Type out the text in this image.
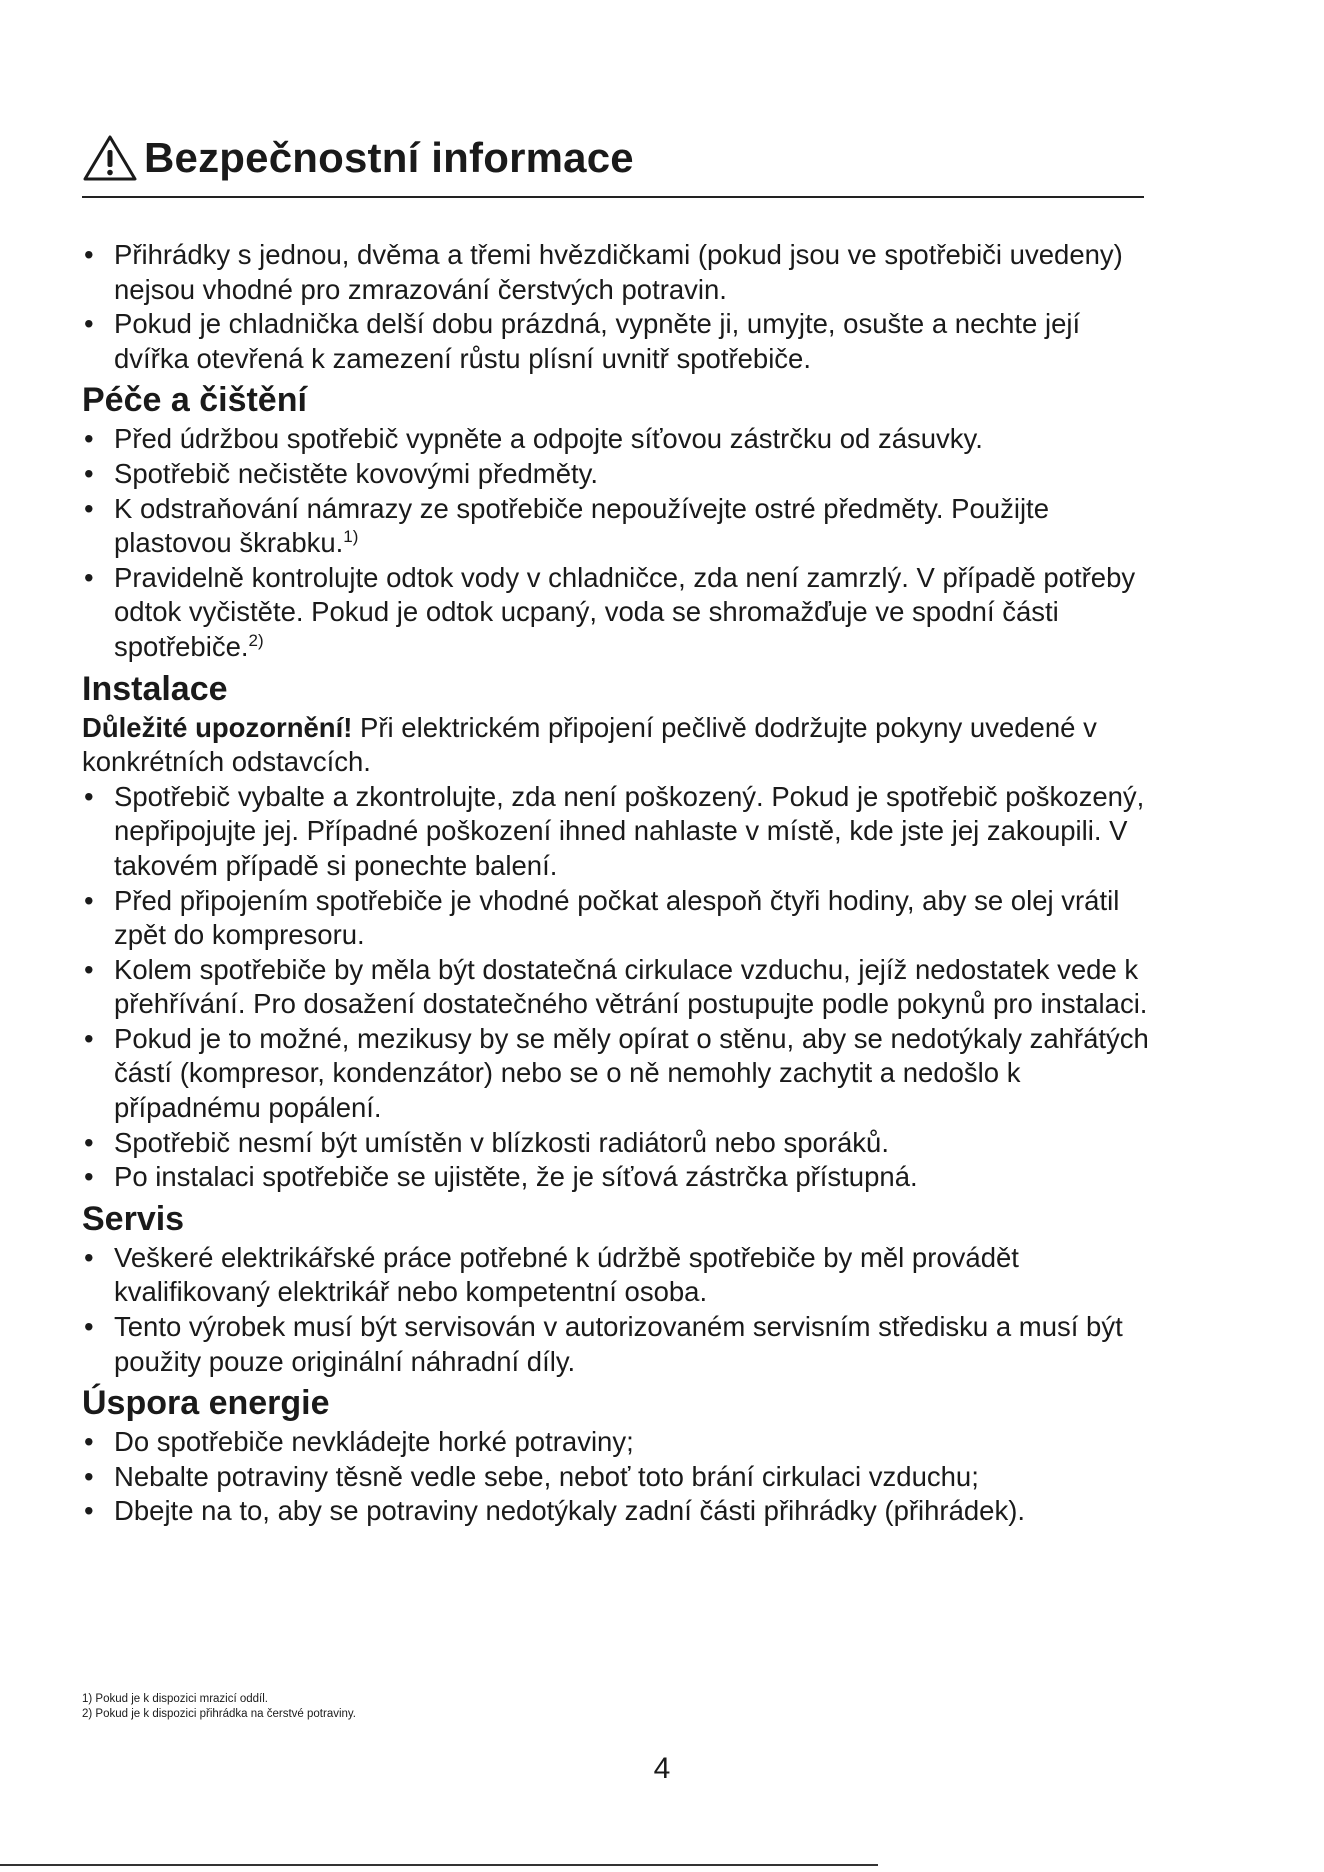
Bezpečnostní informace
• Přihrádky s jednou, dvěma a třemi hvězdičkami (pokud jsou ve spotřebiči uvedeny) nejsou vhodné pro zmrazování čerstvých potravin.
• Pokud je chladnička delší dobu prázdná, vypněte ji, umyjte, osušte a nechte její dvířka otevřená k zamezení růstu plísní uvnitř spotřebiče.
Péče a čištění
• Před údržbou spotřebič vypněte a odpojte síťovou zástrčku od zásuvky.
• Spotřebič nečistěte kovovými předměty.
• K odstraňování námrazy ze spotřebiče nepoužívejte ostré předměty. Použijte plastovou škrabku.$^{1)}$
• Pravidelně kontrolujte odtok vody v chladničce, zda není zamrzlý. V případě potřeby odtok vyčistěte. Pokud je odtok ucpaný, voda se shromažďuje ve spodní části spotřebiče.$^{2)}$
Instalace
Důležité upozornění! Při elektrickém připojení pečlivě dodržujte pokyny uvedené v konkrétních odstavcích.
• Spotřebič vybalte a zkontrolujte, zda není poškozený. Pokud je spotřebič poškozený, nepřipojujte jej. Případné poškození ihned nahlaste v místě, kde jste jej zakoupili. V takovém případě si ponechte balení.
• Před připojením spotřebiče je vhodné počkat alespoň čtyři hodiny, aby se olej vrátil zpět do kompresoru.
• Kolem spotřebiče by měla být dostatečná cirkulace vzduchu, jejíž nedostatek vede k přehřívání. Pro dosažení dostatečného větrání postupujte podle pokynů pro instalaci.
• Pokud je to možné, mezikusy by se měly opírat o stěnu, aby se nedotýkaly zahřátých částí (kompresor, kondenzátor) nebo se o ně nemohly zachytit a nedošlo k případnému popálení.
• Spotřebič nesmí být umístěn v blízkosti radiátorů nebo sporáků.
• Po instalaci spotřebiče se ujistěte, že je síťová zástrčka přístupná.
Servis
• Veškeré elektrikářské práce potřebné k údržbě spotřebiče by měl provádět kvalifikovaný elektrikář nebo kompetentní osoba.
• Tento výrobek musí být servisován v autorizovaném servisním středisku a musí být použity pouze originální náhradní díly.
Úspora energie
• Do spotřebiče nevkládejte horké potraviny;
• Nebalte potraviny těsně vedle sebe, neboť toto brání cirkulaci vzduchu;
• Dbejte na to, aby se potraviny nedotýkaly zadní části přihrádky (přihrádek).
1) Pokud je k dispozici mrazicí oddíl.
2) Pokud je k dispozici přihrádka na čerstvé potraviny.
4
